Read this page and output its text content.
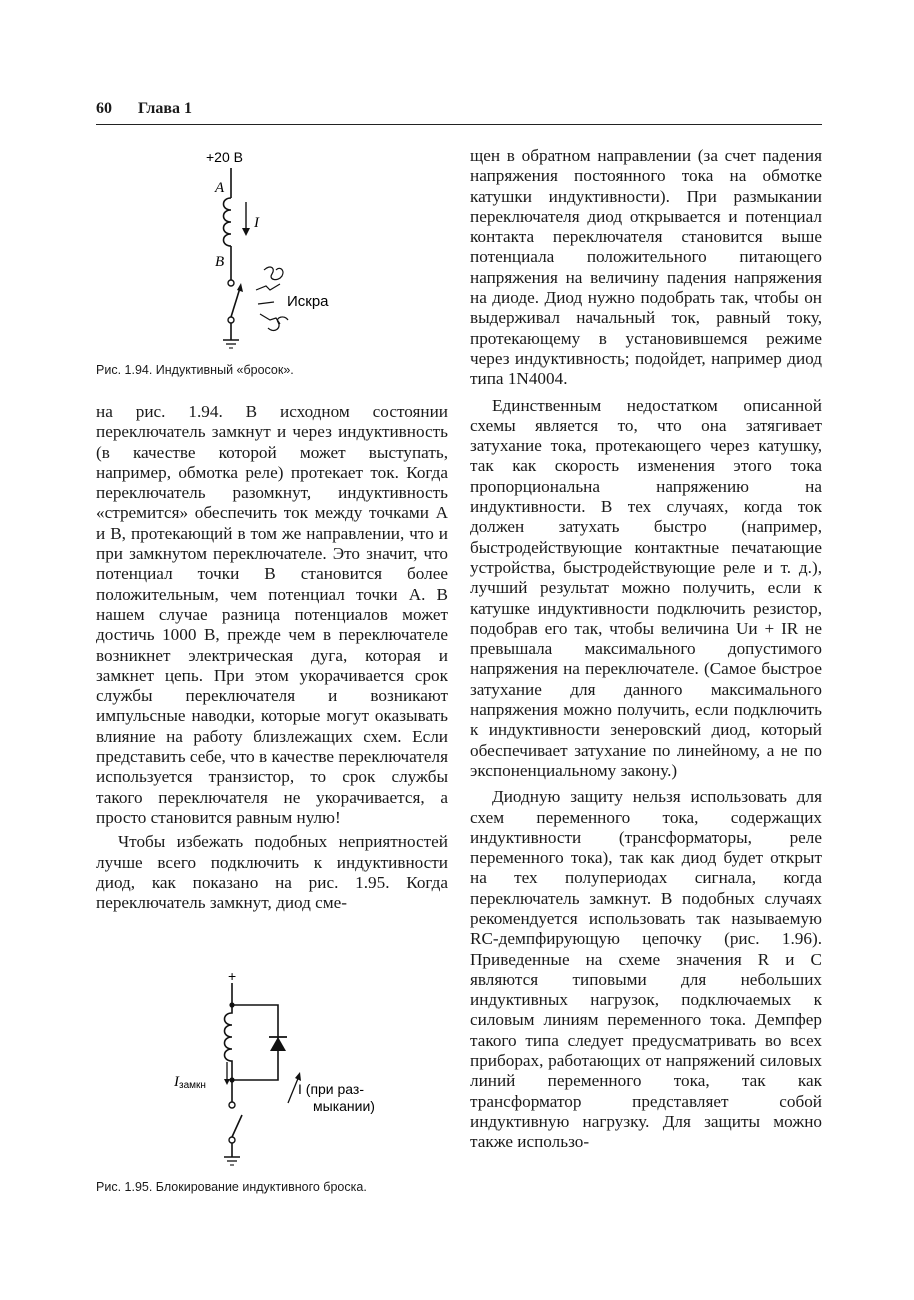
60 Глава 1
+20 В
A
I
B
Искра
Рис. 1.94. Индуктивный «бросок».

на рис. 1.94. В исходном состоянии переключатель замкнут и через индуктивность (в качестве которой может выступать, например, обмотка реле) протекает ток. Когда переключатель разомкнут, индуктивность «стремится» обеспечить ток между точками A и B, протекающий в том же направлении, что и при замкнутом переключателе. Это значит, что потенциал точки B становится более положительным, чем потенциал точки A. В нашем случае разница потенциалов может достичь 1000 В, прежде чем в переключателе возникнет электрическая дуга, которая и замкнет цепь. При этом укорачивается срок службы переключателя и возникают импульсные наводки, которые могут оказывать влияние на работу близлежащих схем. Если представить себе, что в качестве переключателя используется транзистор, то срок службы такого переключателя не укорачивается, а просто становится равным нулю!

Чтобы избежать подобных неприятностей лучше всего подключить к индуктивности диод, как показано на рис. 1.95. Когда переключатель замкнут, диод сме-

+
Iзамкн	I (при раз-
мыкании)
Рис. 1.95. Блокирование индуктивного броска.

щен в обратном направлении (за счет падения напряжения постоянного тока на обмотке катушки индуктивности). При размыкании переключателя диод открывается и потенциал контакта переключателя становится выше потенциала положительного питающего напряжения на величину падения напряжения на диоде. Диод нужно подобрать так, чтобы он выдерживал начальный ток, равный току, протекающему в установившемся режиме через индуктивность; подойдет, например диод типа 1N4004.

Единственным недостатком описанной схемы является то, что она затягивает затухание тока, протекающего через катушку, так как скорость изменения этого тока пропорциональна напряжению на индуктивности. В тех случаях, когда ток должен затухать быстро (например, быстродействующие контактные печатающие устройства, быстродействующие реле и т. д.), лучший результат можно получить, если к катушке индуктивности подключить резистор, подобрав его так, чтобы величина Uи + IR не превышала максимального допустимого напряжения на переключателе. (Самое быстрое затухание для данного максимального напряжения можно получить, если подключить к индуктивности зенеровский диод, который обеспечивает затухание по линейному, а не по экспоненциальному закону.)

Диодную защиту нельзя использовать для схем переменного тока, содержащих индуктивности (трансформаторы, реле переменного тока), так как диод будет открыт на тех полупериодах сигнала, когда переключатель замкнут. В подобных случаях рекомендуется использовать так называемую RC-демпфирующую цепочку (рис. 1.96). Приведенные на схеме значения R и C являются типовыми для небольших индуктивных нагрузок, подключаемых к силовым линиям переменного тока. Демпфер такого типа следует предусматривать во всех приборах, работающих от напряжений силовых линий переменного тока, так как трансформатор представляет собой индуктивную нагрузку. Для защиты можно также использо-
